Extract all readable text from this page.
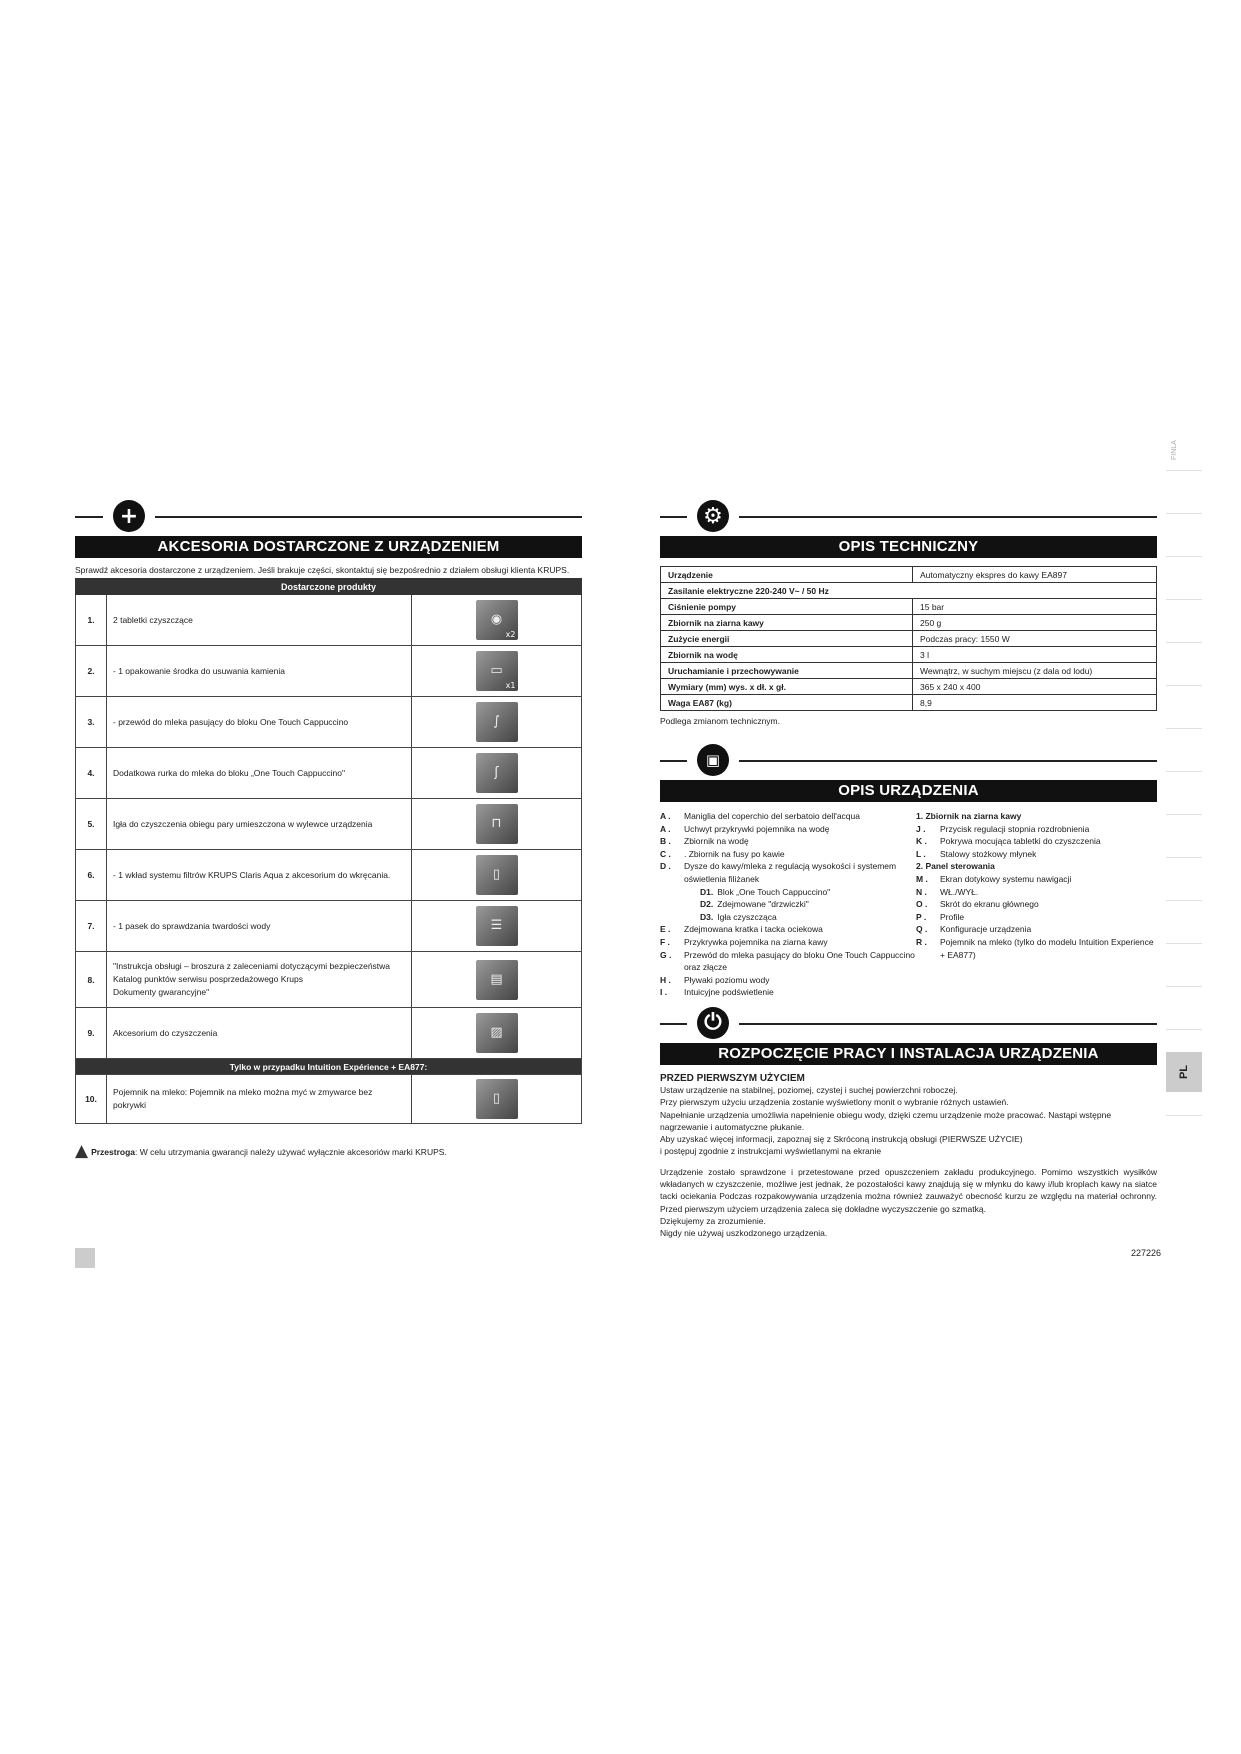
+
AKCESORIA DOSTARCZONE Z URZĄDZENIEM
Sprawdź akcesoria dostarczone z urządzeniem. Jeśli brakuje części, skontaktuj się bezpośrednio z działem obsługi klienta KRUPS.
Dostarczone produkty		
1.	2 tabletki czyszczące	◉
x2

2.	- 1 opakowanie środka do usuwania kamienia	▭
x1

3.	- przewód do mleka pasujący do bloku One Touch Cappuccino	∫
4.	Dodatkowa rurka do mleka do bloku „One Touch Cappuccino"	ʃ
5.	Igła do czyszczenia obiegu pary umieszczona w wylewce urządzenia	⊓
6.	- 1 wkład systemu filtrów KRUPS Claris Aqua z akcesorium do wkręcania.	▯
7.	- 1 pasek do sprawdzania twardości wody	☰
8.	"Instrukcja obsługi – broszura z zaleceniami dotyczącymi bezpieczeństwa
Katalog punktów serwisu posprzedażowego Krups
Dokumenty gwarancyjne"	▤
9.	Akcesorium do czyszczenia	▨
Tylko w przypadku Intuition Expérience + EA877:		
10.	Pojemnik na mleko: Pojemnik na mleko można myć w zmywarce bez pokrywki	▯
▲ Przestroga: W celu utrzymania gwarancji należy używać wyłącznie akcesoriów marki KRUPS.
⚙
OPIS TECHNICZNY
Urządzenie	Automatyczny ekspres do kawy EA897
Zasilanie elektryczne 220-240 V~ / 50 Hz	
Ciśnienie pompy	15 bar
Zbiornik na ziarna kawy	250 g
Zużycie energii	Podczas pracy: 1550 W
Zbiornik na wodę	3 l
Uruchamianie i przechowywanie	Wewnątrz, w suchym miejscu (z dala od lodu)
Wymiary (mm) wys. x dł. x gł.	365 x 240 x 400
Waga EA87 (kg)	8,9
Podlega zmianom technicznym.
▣
OPIS URZĄDZENIA
A .	Maniglia del coperchio del serbatoio dell'acqua
A .	Uchwyt przykrywki pojemnika na wodę
B .	Zbiornik na wodę
C .	. Zbiornik na fusy po kawie
D .	Dysze do kawy/mleka z regulacją wysokości i systemem oświetlenia filiżanek
D1. Blok „One Touch Cappuccino"
D2. Zdejmowane "drzwiczki"
D3. Igła czyszcząca
E .	Zdejmowana kratka i tacka ociekowa
F .	Przykrywka pojemnika na ziarna kawy
G .	Przewód do mleka pasujący do bloku One Touch Cappuccino oraz złącze
H .	Pływaki poziomu wody
I .	Intuicyjne podświetlenie
1. Zbiornik na ziarna kawy
J .	Przycisk regulacji stopnia rozdrobnienia
K .	Pokrywa mocująca tabletki do czyszczenia
L .	Stalowy stożkowy młynek
2. Panel sterowania
M .	Ekran dotykowy systemu nawigacji
N .	WŁ./WYŁ.
O .	Skrót do ekranu głównego
P .	Profile
Q .	Konfiguracje urządzenia
R .	Pojemnik na mleko (tylko do modelu Intuition Experience + EA877)
⏻
ROZPOCZĘCIE PRACY I INSTALACJA URZĄDZENIA
PRZED PIERWSZYM UŻYCIEM

Ustaw urządzenie na stabilnej, poziomej, czystej i suchej powierzchni roboczej.

Przy pierwszym użyciu urządzenia zostanie wyświetlony monit o wybranie różnych ustawień.

Napełnianie urządzenia umożliwia napełnienie obiegu wody, dzięki czemu urządzenie może pracować. Nastąpi wstępne nagrzewanie i automatyczne płukanie.

Aby uzyskać więcej informacji, zapoznaj się z Skróconą instrukcją obsługi (PIERWSZE UŻYCIE)

i postępuj zgodnie z instrukcjami wyświetlanymi na ekranie

Urządzenie zostało sprawdzone i przetestowane przed opuszczeniem zakładu produkcyjnego. Pomimo wszystkich wysiłków wkładanych w czyszczenie, możliwe jest jednak, że pozostałości kawy znajdują się w młynku do kawy i/lub kroplach kawy na siatce tacki ociekania Podczas rozpakowywania urządzenia można również zauważyć obecność kurzu ze względu na materiał ochronny. Przed pierwszym użyciem urządzenia zaleca się dokładne wyczyszczenie go szmatką.

Dziękujemy za zrozumienie.

Nigdy nie używaj uszkodzonego urządzenia.

FINLA
PL
227226
